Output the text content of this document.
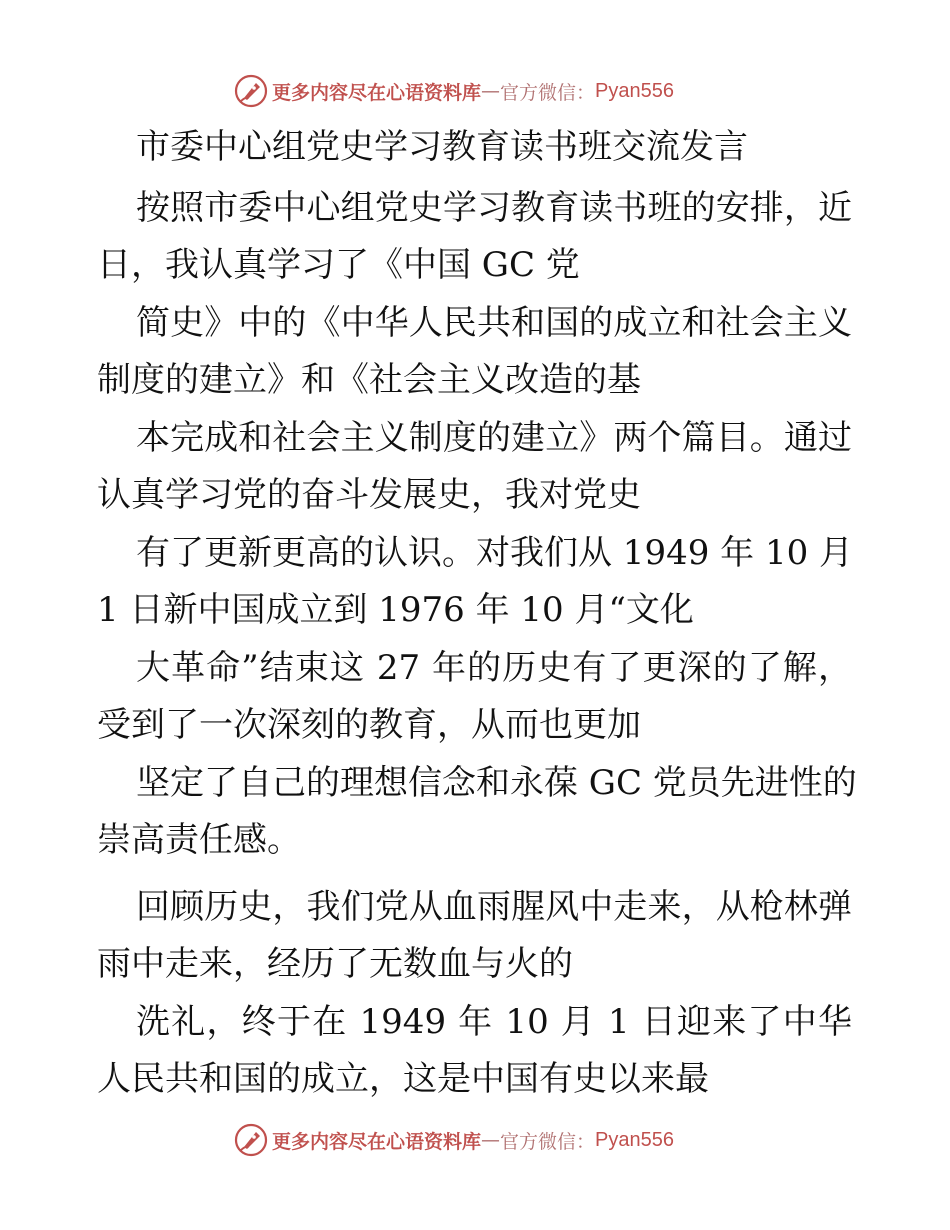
更多内容尽在心语资料库 — 官方微信： Pyan556
市委中心组党史学习教育读书班交流发言
按照市委中心组党史学习教育读书班的安排，近
日，我认真学习了《中国 GC 党
简史》中的《中华人民共和国的成立和社会主义
制度的建立》和《社会主义改造的基
本完成和社会主义制度的建立》两个篇目。通过
认真学习党的奋斗发展史，我对党史
有了更新更高的认识。对我们从 1949 年 10 月
1 日新中国成立到 1976 年 10 月“文化
大革命”结束这 27 年的历史有了更深的了解，
受到了一次深刻的教育，从而也更加
坚定了自己的理想信念和永葆 GC 党员先进性的
崇高责任感。
回顾历史，我们党从血雨腥风中走来，从枪林弹
雨中走来，经历了无数血与火的
洗礼，终于在 1949 年 10 月 1 日迎来了中华
人民共和国的成立，这是中国有史以来最
更多内容尽在心语资料库 — 官方微信： Pyan556
